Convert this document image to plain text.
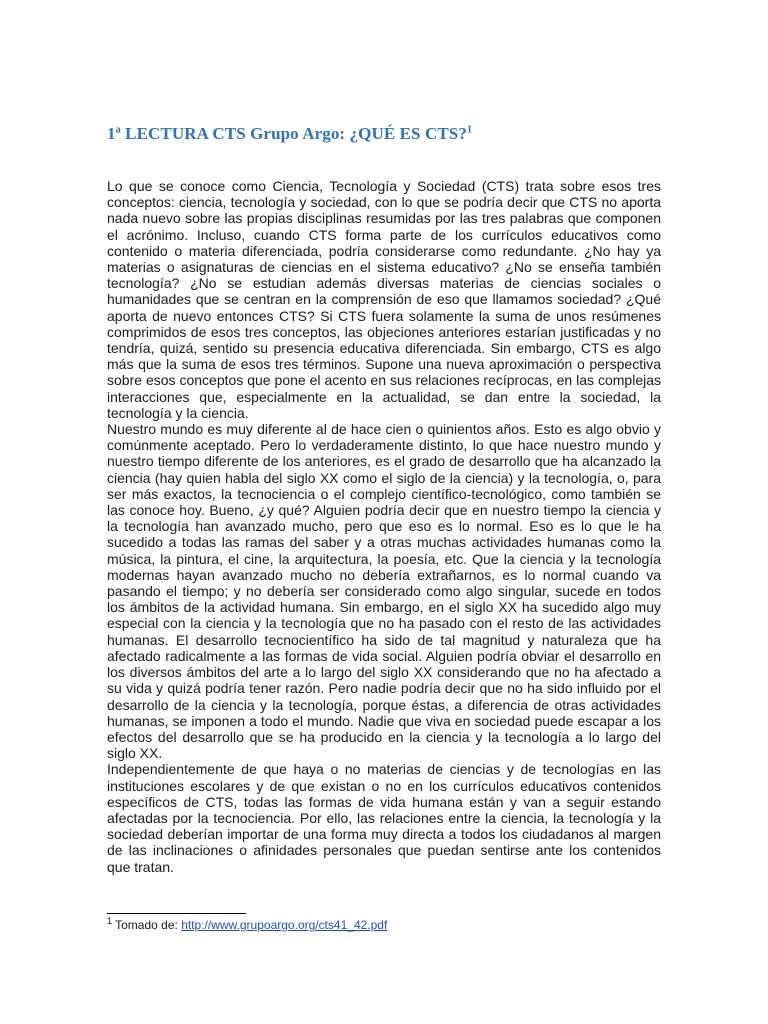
1ª LECTURA CTS Grupo Argo: ¿QUÉ ES CTS?$^1$

Lo que se conoce como Ciencia, Tecnología y Sociedad (CTS) trata sobre esos tres conceptos: ciencia, tecnología y sociedad, con lo que se podría decir que CTS no aporta nada nuevo sobre las propias disciplinas resumidas por las tres palabras que componen el acrónimo. Incluso, cuando CTS forma parte de los currículos educativos como contenido o materia diferenciada, podría considerarse como redundante. ¿No hay ya materias o asignaturas de ciencias en el sistema educativo? ¿No se enseña también tecnología? ¿No se estudian además diversas materias de ciencias sociales o humanidades que se centran en la comprensión de eso que llamamos sociedad? ¿Qué aporta de nuevo entonces CTS? Si CTS fuera solamente la suma de unos resúmenes comprimidos de esos tres conceptos, las objeciones anteriores estarían justificadas y no tendría, quizá, sentido su presencia educativa diferenciada. Sin embargo, CTS es algo más que la suma de esos tres términos. Supone una nueva aproximación o perspectiva sobre esos conceptos que pone el acento en sus relaciones recíprocas, en las complejas interacciones que, especialmente en la actualidad, se dan entre la sociedad, la tecnología y la ciencia.

Nuestro mundo es muy diferente al de hace cien o quinientos años. Esto es algo obvio y comúnmente aceptado. Pero lo verdaderamente distinto, lo que hace nuestro mundo y nuestro tiempo diferente de los anteriores, es el grado de desarrollo que ha alcanzado la ciencia (hay quien habla del siglo XX como el siglo de la ciencia) y la tecnología, o, para ser más exactos, la tecnociencia o el complejo científico-tecnológico, como también se las conoce hoy. Bueno, ¿y qué? Alguien podría decir que en nuestro tiempo la ciencia y la tecnología han avanzado mucho, pero que eso es lo normal. Eso es lo que le ha sucedido a todas las ramas del saber y a otras muchas actividades humanas como la música, la pintura, el cine, la arquitectura, la poesía, etc. Que la ciencia y la tecnología modernas hayan avanzado mucho no debería extrañarnos, es lo normal cuando va pasando el tiempo; y no debería ser considerado como algo singular, sucede en todos los ámbitos de la actividad humana. Sin embargo, en el siglo XX ha sucedido algo muy especial con la ciencia y la tecnología que no ha pasado con el resto de las actividades humanas. El desarrollo tecnocientífico ha sido de tal magnitud y naturaleza que ha afectado radicalmente a las formas de vida social. Alguien podría obviar el desarrollo en los diversos ámbitos del arte a lo largo del siglo XX considerando que no ha afectado a su vida y quizá podría tener razón. Pero nadie podría decir que no ha sido influido por el desarrollo de la ciencia y la tecnología, porque éstas, a diferencia de otras actividades humanas, se imponen a todo el mundo. Nadie que viva en sociedad puede escapar a los efectos del desarrollo que se ha producido en la ciencia y la tecnología a lo largo del siglo XX.

Independientemente de que haya o no materias de ciencias y de tecnologías en las instituciones escolares y de que existan o no en los currículos educativos contenidos específicos de CTS, todas las formas de vida humana están y van a seguir estando afectadas por la tecnociencia. Por ello, las relaciones entre la ciencia, la tecnología y la sociedad deberían importar de una forma muy directa a todos los ciudadanos al margen de las inclinaciones o afinidades personales que puedan sentirse ante los contenidos que tratan.

$^1$ Tomado de: http://www.grupoargo.org/cts41_42.pdf
